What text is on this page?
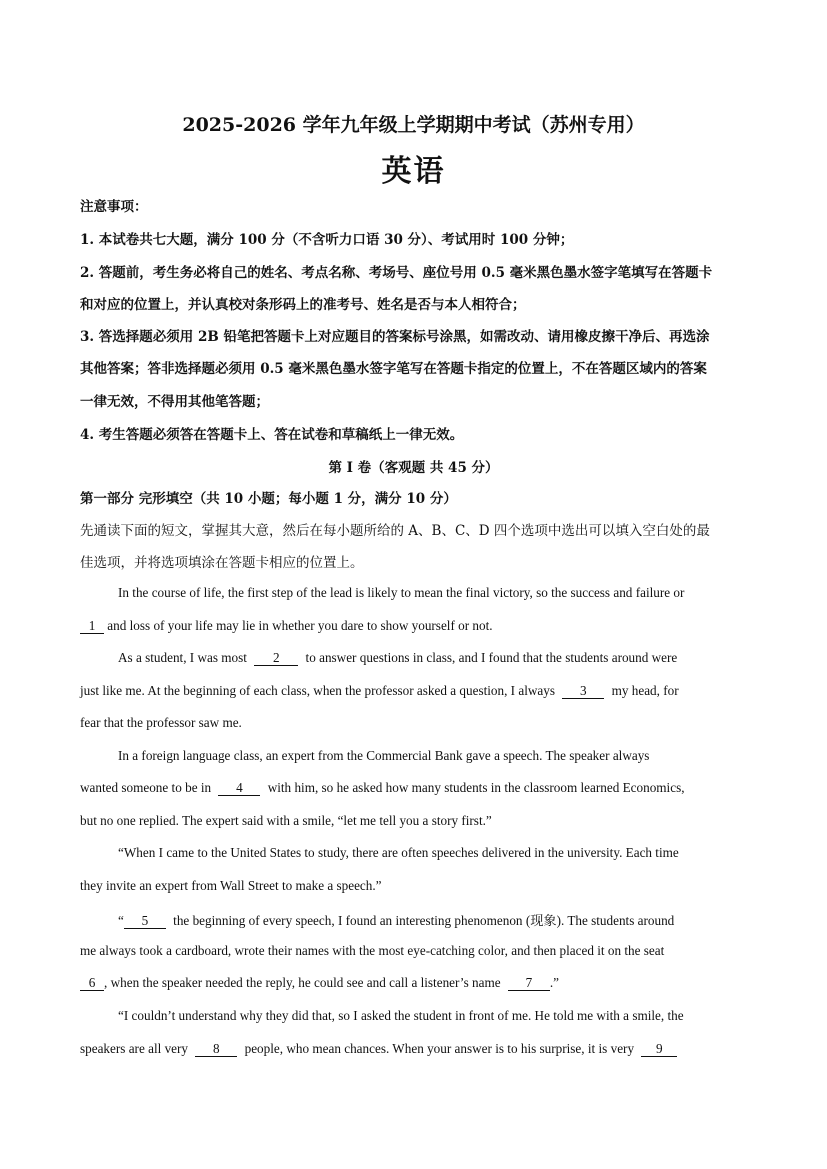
2025-2026 学年九年级上学期期中考试（苏州专用）
英语
注意事项：
1. 本试卷共七大题，满分 100 分（不含听力口语 30 分）、考试用时 100 分钟；
2. 答题前，考生务必将自己的姓名、考点名称、考场号、座位号用 0.5 毫米黑色墨水签字笔填写在答题卡
和对应的位置上，并认真校对条形码上的准考号、姓名是否与本人相符合；
3. 答选择题必须用 2B 铅笔把答题卡上对应题目的答案标号涂黑，如需改动、请用橡皮擦干净后、再选涂
其他答案；答非选择题必须用 0.5 毫米黑色墨水签字笔写在答题卡指定的位置上，不在答题区域内的答案
一律无效，不得用其他笔答题；
4. 考生答题必须答在答题卡上、答在试卷和草稿纸上一律无效。
第 I 卷（客观题 共 45 分）
第一部分 完形填空（共 10 小题；每小题 1 分，满分 10 分）
先通读下面的短文，掌握其大意，然后在每小题所给的 A、B、C、D 四个选项中选出可以填入空白处的最
佳选项，并将选项填涂在答题卡相应的位置上。
In the course of life, the first step of the lead is likely to mean the final victory, so the success and failure or
1 and loss of your life may lie in whether you dare to show yourself or not.
As a student, I was most 2 to answer questions in class, and I found that the students around were
just like me. At the beginning of each class, when the professor asked a question, I always 3 my head, for
fear that the professor saw me.
In a foreign language class, an expert from the Commercial Bank gave a speech. The speaker always
wanted someone to be in 4 with him, so he asked how many students in the classroom learned Economics,
but no one replied. The expert said with a smile, “let me tell you a story first.”
“When I came to the United States to study, there are often speeches delivered in the university. Each time
they invite an expert from Wall Street to make a speech.”
“ 5 the beginning of every speech, I found an interesting phenomenon (现象). The students around
me always took a cardboard, wrote their names with the most eye-catching color, and then placed it on the seat
6 , when the speaker needed the reply, he could see and call a listener’s name 7 .”
“I couldn’t understand why they did that, so I asked the student in front of me. He told me with a smile, the
speakers are all very 8 people, who mean chances. When your answer is to his surprise, it is very 9
